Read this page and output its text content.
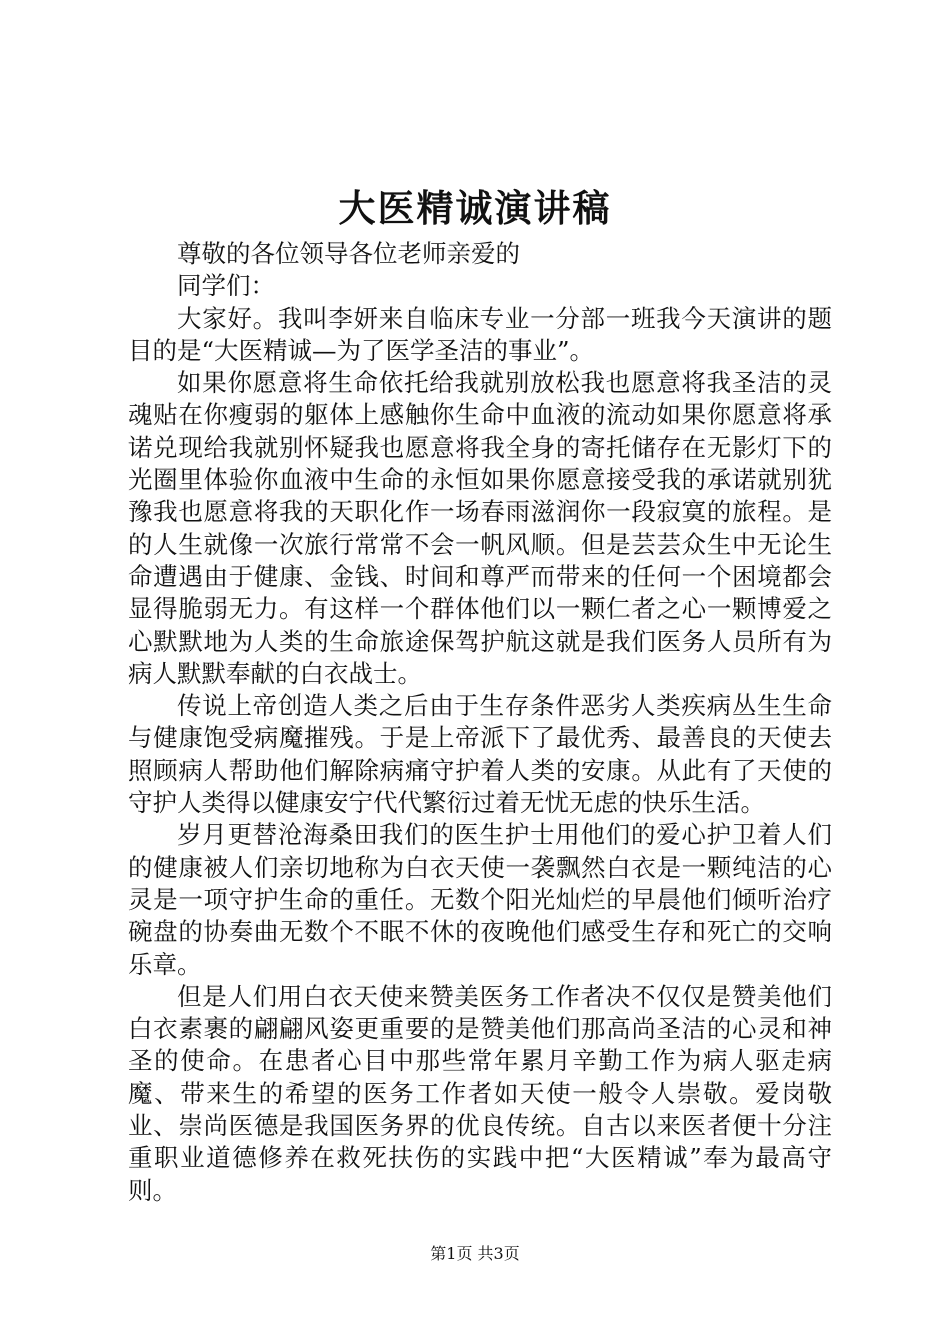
大医精诚演讲稿

尊敬的各位领导各位老师亲爱的

同学们：

大家好。我叫李妍来自临床专业一分部一班我今天演讲的题目的是“大医精诚—为了医学圣洁的事业”。

如果你愿意将生命依托给我就别放松我也愿意将我圣洁的灵魂贴在你瘦弱的躯体上感触你生命中血液的流动如果你愿意将承诺兑现给我就别怀疑我也愿意将我全身的寄托储存在无影灯下的光圈里体验你血液中生命的永恒如果你愿意接受我的承诺就别犹豫我也愿意将我的天职化作一场春雨滋润你一段寂寞的旅程。是的人生就像一次旅行常常不会一帆风顺。但是芸芸众生中无论生命遭遇由于健康、金钱、时间和尊严而带来的任何一个困境都会显得脆弱无力。有这样一个群体他们以一颗仁者之心一颗博爱之心默默地为人类的生命旅途保驾护航这就是我们医务人员所有为病人默默奉献的白衣战士。

传说上帝创造人类之后由于生存条件恶劣人类疾病丛生生命与健康饱受病魔摧残。于是上帝派下了最优秀、最善良的天使去照顾病人帮助他们解除病痛守护着人类的安康。从此有了天使的守护人类得以健康安宁代代繁衍过着无忧无虑的快乐生活。

岁月更替沧海桑田我们的医生护士用他们的爱心护卫着人们的健康被人们亲切地称为白衣天使一袭飘然白衣是一颗纯洁的心灵是一项守护生命的重任。无数个阳光灿烂的早晨他们倾听治疗碗盘的协奏曲无数个不眠不休的夜晚他们感受生存和死亡的交响乐章。

但是人们用白衣天使来赞美医务工作者决不仅仅是赞美他们白衣素裹的翩翩风姿更重要的是赞美他们那高尚圣洁的心灵和神圣的使命。在患者心目中那些常年累月辛勤工作为病人驱走病魔、带来生的希望的医务工作者如天使一般令人崇敬。爱岗敬业、崇尚医德是我国医务界的优良传统。自古以来医者便十分注重职业道德修养在救死扶伤的实践中把“大医精诚”奉为最高守则。

第1页 共3页
